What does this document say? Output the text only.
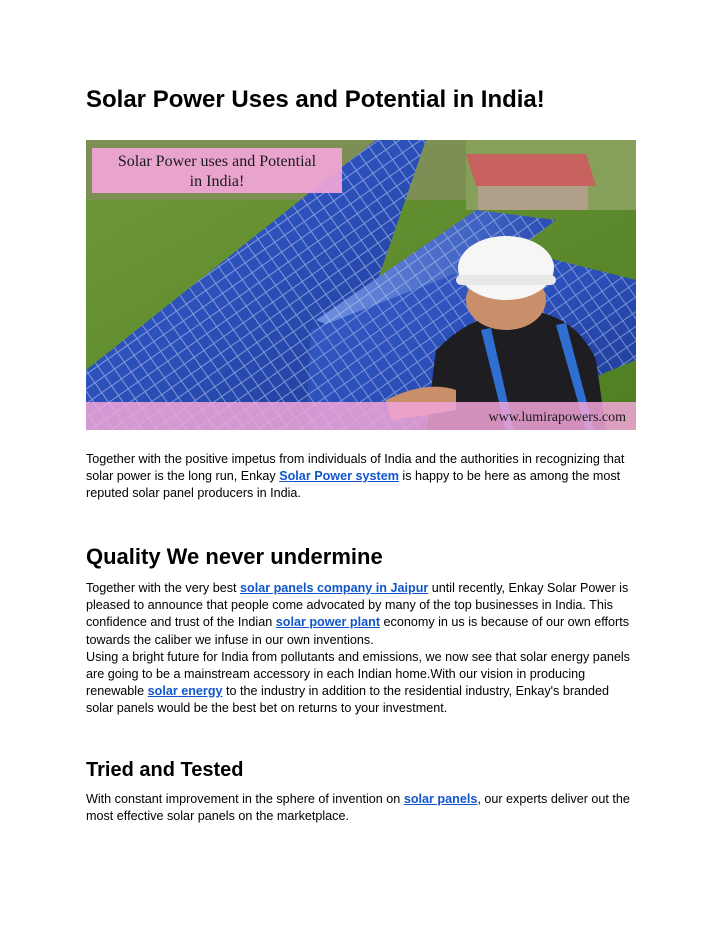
Solar Power Uses and Potential in India!
Solar Power uses and Potential
in India!
www.lumirapowers.com

Together with the positive impetus from individuals of India and the authorities in recognizing that solar power is the long run, Enkay Solar Power system is happy to be here as among the most reputed solar panel producers in India.

Quality We never undermine

Together with the very best solar panels company in Jaipur until recently, Enkay Solar Power is pleased to announce that people come advocated by many of the top businesses in India. This confidence and trust of the Indian solar power plant economy in us is because of our own efforts towards the caliber we infuse in our own inventions.
Using a bright future for India from pollutants and emissions, we now see that solar energy panels are going to be a mainstream accessory in each Indian home.With our vision in producing renewable solar energy to the industry in addition to the residential industry, Enkay's branded solar panels would be the best bet on returns to your investment.

Tried and Tested

With constant improvement in the sphere of invention on solar panels, our experts deliver out the most effective solar panels on the marketplace.
